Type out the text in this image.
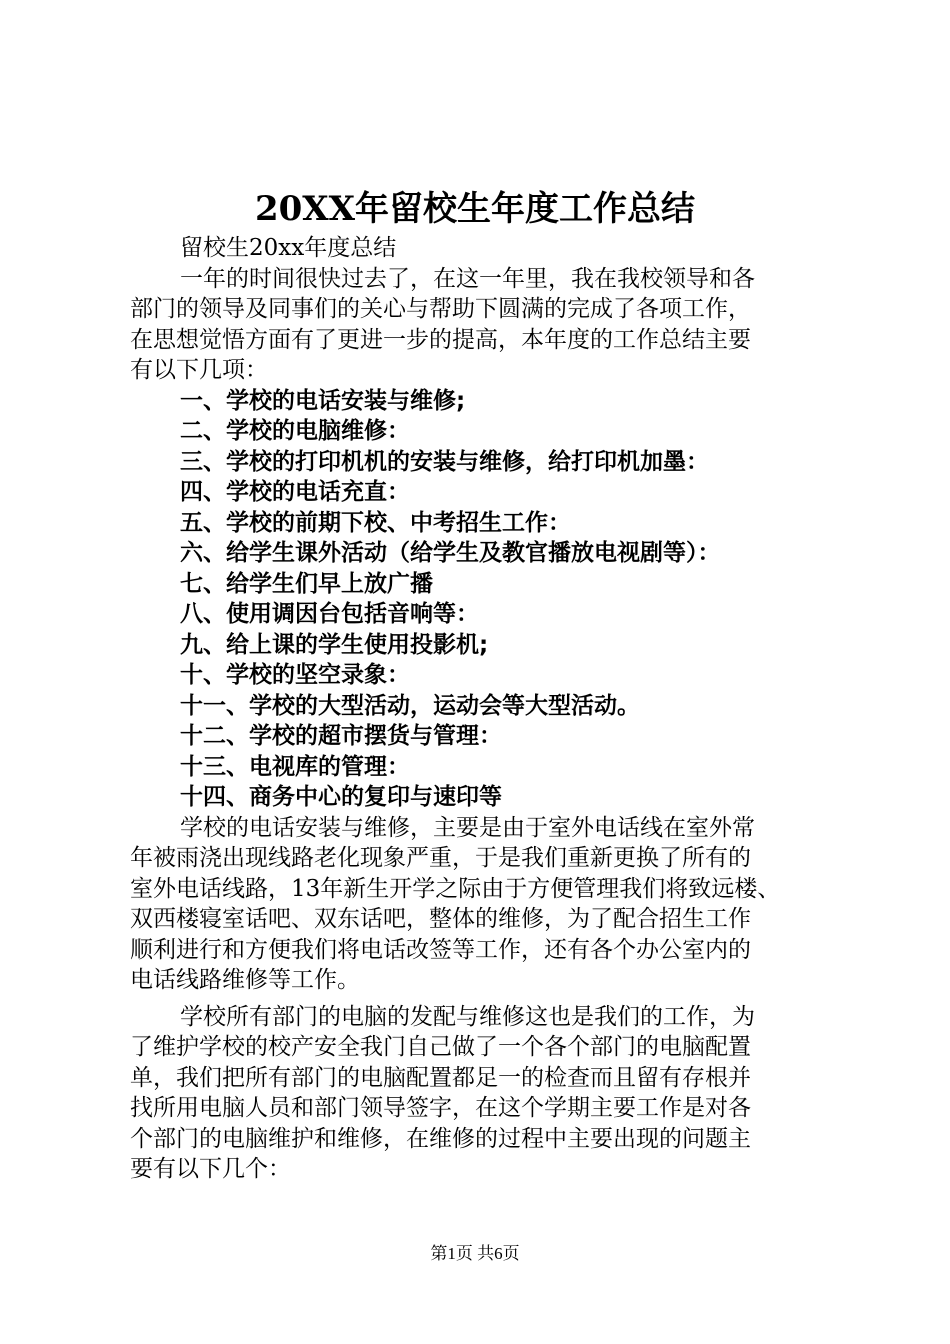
20XX年留校生年度工作总结
留校生20xx年度总结
一年的时间很快过去了，在这一年里，我在我校领导和各
部门的领导及同事们的关心与帮助下圆满的完成了各项工作，
在思想觉悟方面有了更进一步的提高，本年度的工作总结主要
有以下几项：
一、学校的电话安装与维修;
二、学校的电脑维修：
三、学校的打印机机的安装与维修，给打印机加墨：
四、学校的电话充直：
五、学校的前期下校、中考招生工作：
六、给学生课外活动（给学生及教官播放电视剧等）：
七、给学生们早上放广播
八、使用调因台包括音响等：
九、给上课的学生使用投影机;
十、学校的坚空录象：
十一、学校的大型活动，运动会等大型活动。
十二、学校的超市摆货与管理：
十三、电视库的管理：
十四、商务中心的复印与速印等
学校的电话安装与维修，主要是由于室外电话线在室外常
年被雨浇出现线路老化现象严重，于是我们重新更换了所有的
室外电话线路，13年新生开学之际由于方便管理我们将致远楼、
双西楼寝室话吧、双东话吧，整体的维修，为了配合招生工作
顺利进行和方便我们将电话改签等工作，还有各个办公室内的
电话线路维修等工作。
学校所有部门的电脑的发配与维修这也是我们的工作，为
了维护学校的校产安全我门自己做了一个各个部门的电脑配置
单，我们把所有部门的电脑配置都足一的检查而且留有存根并
找所用电脑人员和部门领导签字，在这个学期主要工作是对各
个部门的电脑维护和维修，在维修的过程中主要出现的问题主
要有以下几个：
第1页 共6页
